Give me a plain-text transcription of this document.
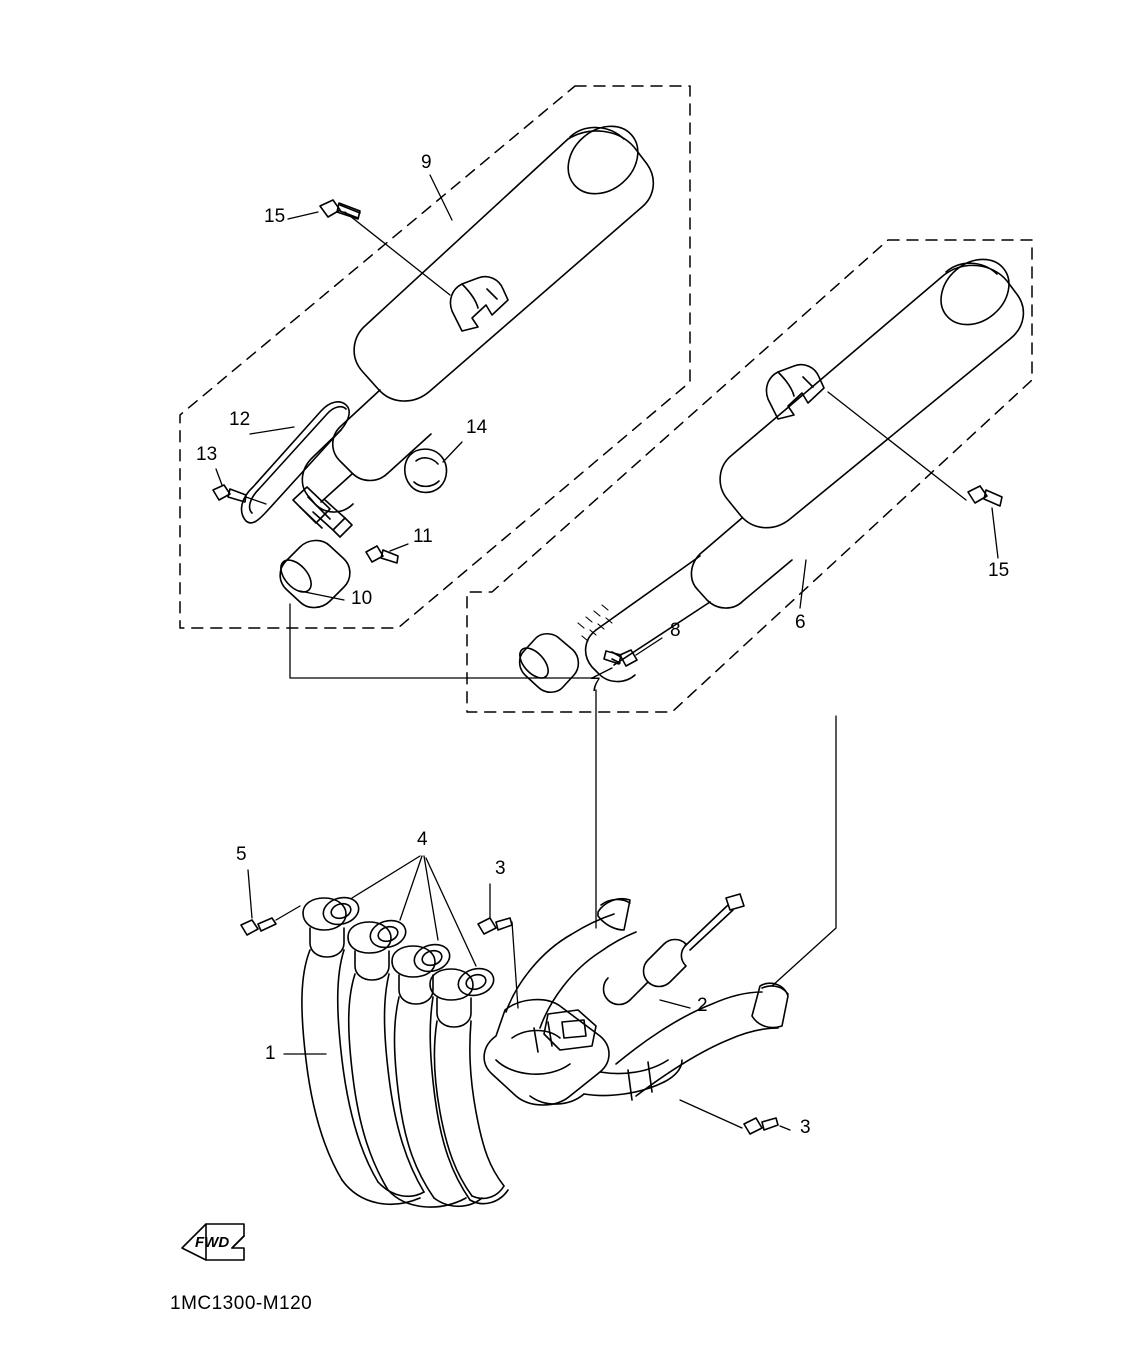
9
15
12
13
14
11
10
15
6
8
7
4
5
3
2
1
3
FWD
1MC1300-M120
